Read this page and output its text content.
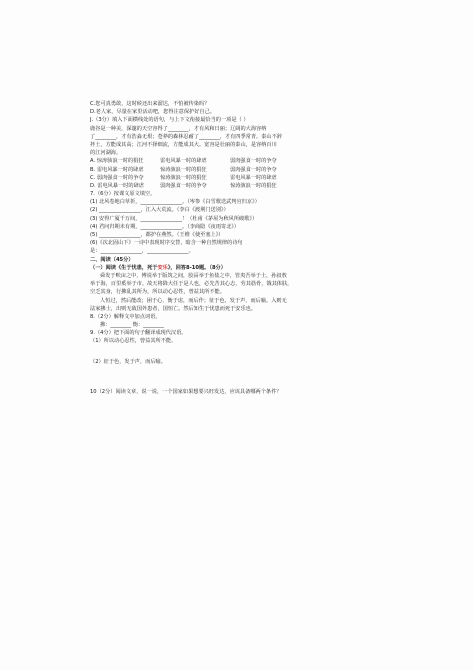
C.您可真勇敢，这时候还出来溜达，不怕被传染吗？
D.老人家，尽量在家里活动吧，您得注意保护好自己。
J.（3分）填入下面横线处的语句，与上下文衔接最恰当的一项是（ ）
鹿谷是一种美，深邃的天空容得了________，才有风和日丽；辽阔的大海容纳
了________，才有浩淼无垠；苍莽的森林忍耐了________，才有四季常青。泰山不辞
抔土，方能成其高；江河不择细流，方能成其大。宽容是壮丽的泰山，是容纳百川
的江河湖海。
A. 惊涛骇浪一时的狷狂	雷电风暴一时的肆虐	弱肉强食一时的争夺
B. 雷电风暴一时的肆虐	惊涛骇浪一时的狷狂	弱肉强食一时的争夺
C. 弱肉强食一时的争夺	惊涛骇浪一时的狷狂	雷电风暴一时的肆虐
D. 雷电风暴一时的肆虐	弱肉强食一时的争夺	惊涛骇浪一时的狷狂
7.（6分）按课文原文填空。
(1) 北风卷地白草折，________________。（岑参《白雪歌送武判官归京》）
(2) ________________，江入大荒流。（李白《渡荆门送别》）
(3) 安得广厦千万间，________________！（杜甫《茅屋为秋风所破歌》）
(4) 君问归期未有期，________________。（李商隐《夜雨寄北》）
(5) ________________，都护在燕然。（王维《使至塞上》）
(6)《次北固山下》一诗中表现时序交替，暗含一种自然规律的诗句
是：________________，________________。
二、阅读（45分）
（一）阅读《生于忧患，死于安乐》，回答8-10题。（8分）
舜发于畎亩之中，傅说举于版筑之间，胶鬲举于鱼盐之中，管夷吾举于士，孙叔敖
举于海，百里奚举于市。故天将降大任于是人也，必先苦其心志，劳其筋骨，饿其体肤，
空乏其身，行拂乱其所为，所以动心忍性，曾益其所不能。
人恒过，然后能改；困于心，衡于虑，而后作；征于色，发于声，而后喻。入则无
法家拂士，出则无敌国外患者，国恒亡。然后知生于忧患而死于安乐也。
8.（2分）解释文中加点词语。
拂：________ 衡：________
9.（4分）把下面的句子翻译成现代汉语。
（1）所以动心忍性，曾益其所不能。
（2）征于色，发于声，而后喻。
10（2分）阅读文章，说一说，一个国家如果想要兴旺发达，应该具备哪两个条件？
